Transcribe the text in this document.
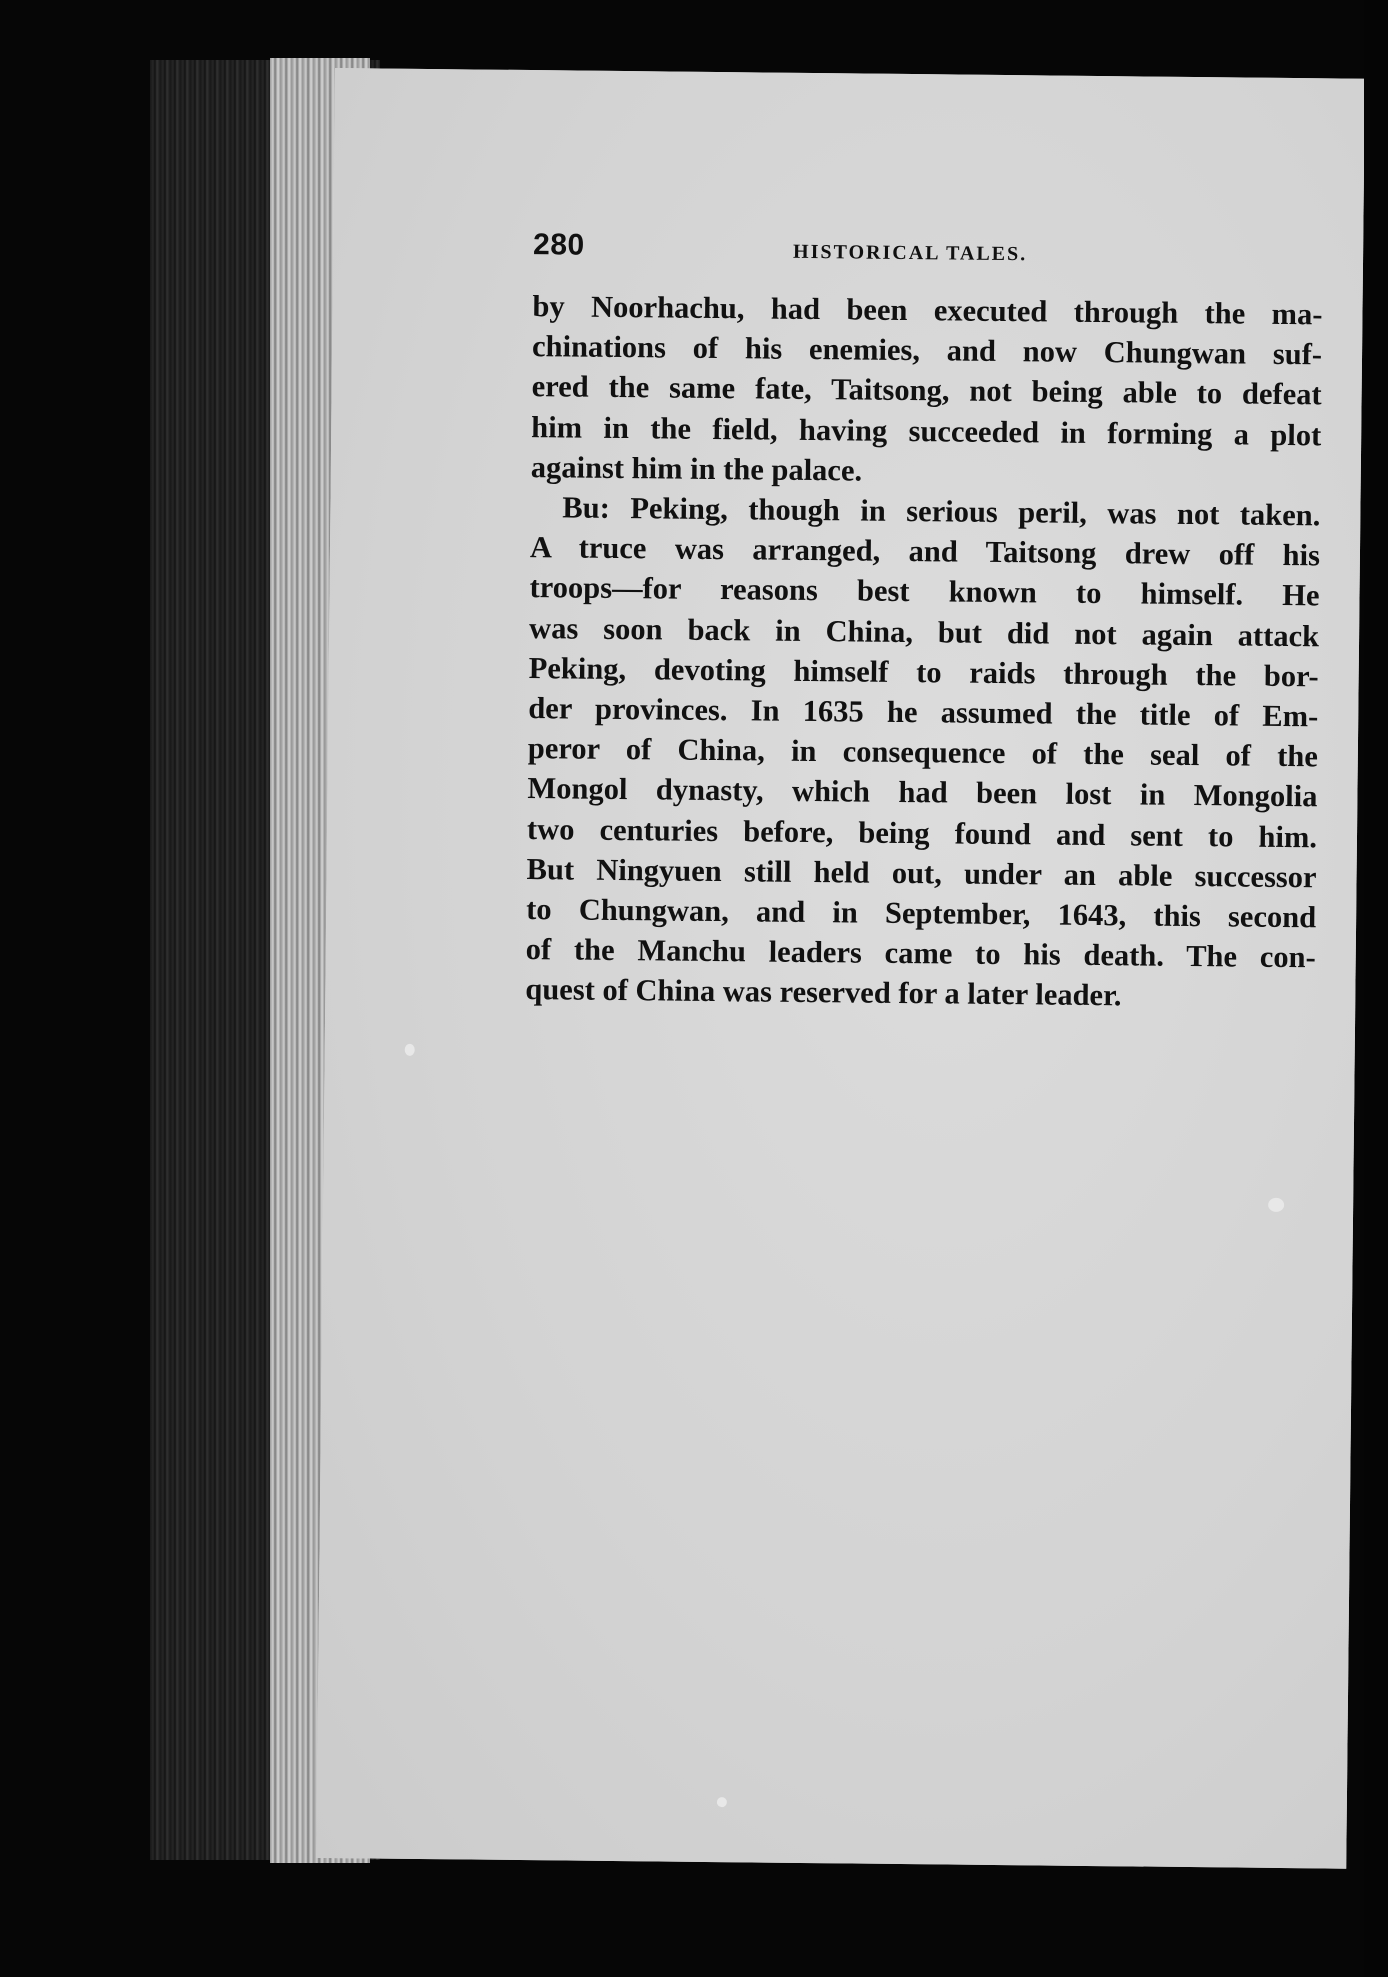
280	HISTORICAL TALES.

by Noorhachu, had been executed through the ma-
chinations of his enemies, and now Chungwan suf-
ered the same fate, Taitsong, not being able to defeat
him in the field, having succeeded in forming a plot
against him in the palace.

Bu: Peking, though in serious peril, was not taken.
A truce was arranged, and Taitsong drew off his
troops—for reasons best known to himself. He
was soon back in China, but did not again attack
Peking, devoting himself to raids through the bor-
der provinces. In 1635 he assumed the title of Em-
peror of China, in consequence of the seal of the
Mongol dynasty, which had been lost in Mongolia
two centuries before, being found and sent to him.
But Ningyuen still held out, under an able successor
to Chungwan, and in September, 1643, this second
of the Manchu leaders came to his death. The con-
quest of China was reserved for a later leader.
